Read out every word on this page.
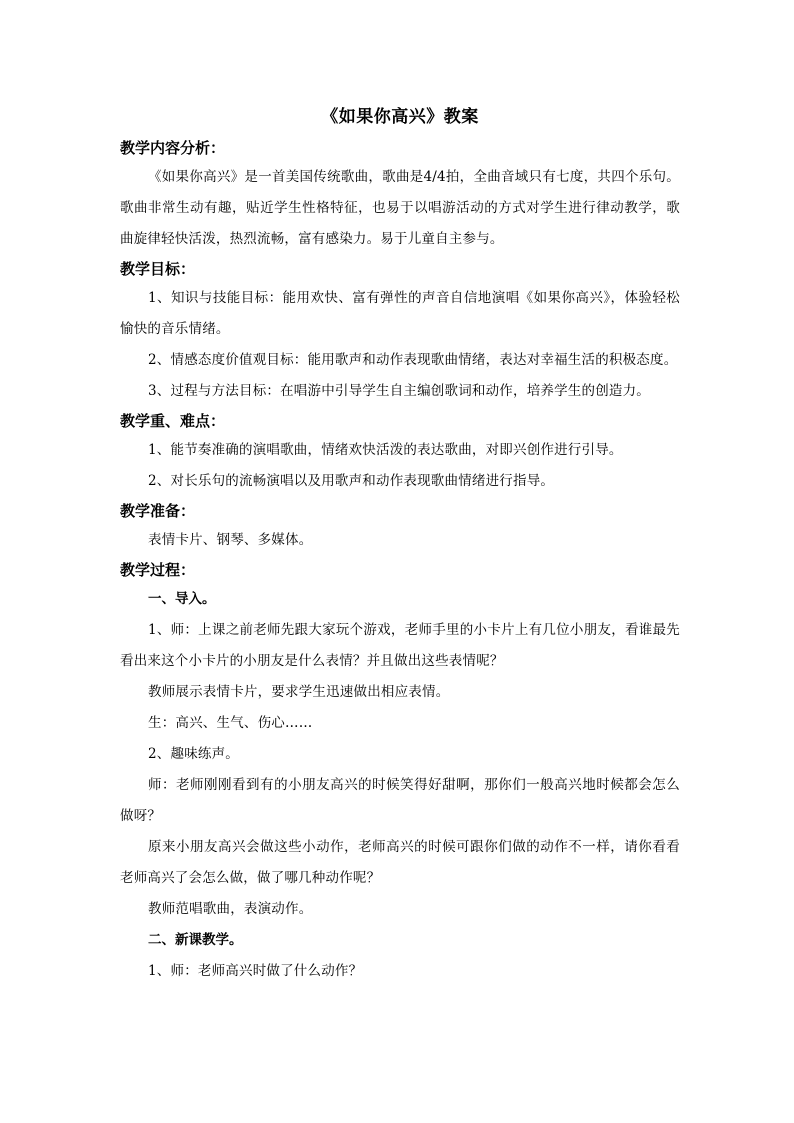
《如果你高兴》教案
教学内容分析：

《如果你高兴》是一首美国传统歌曲，歌曲是4/4拍，全曲音域只有七度，共四个乐句。歌曲非常生动有趣，贴近学生性格特征，也易于以唱游活动的方式对学生进行律动教学，歌曲旋律轻快活泼，热烈流畅，富有感染力。易于儿童自主参与。

教学目标：

1、知识与技能目标：能用欢快、富有弹性的声音自信地演唱《如果你高兴》，体验轻松愉快的音乐情绪。

2、情感态度价值观目标：能用歌声和动作表现歌曲情绪，表达对幸福生活的积极态度。

3、过程与方法目标：在唱游中引导学生自主编创歌词和动作，培养学生的创造力。

教学重、难点：

1、能节奏准确的演唱歌曲，情绪欢快活泼的表达歌曲，对即兴创作进行引导。

2、对长乐句的流畅演唱以及用歌声和动作表现歌曲情绪进行指导。

教学准备：

表情卡片、钢琴、多媒体。

教学过程：

一、导入。

1、师：上课之前老师先跟大家玩个游戏，老师手里的小卡片上有几位小朋友，看谁最先看出来这个小卡片的小朋友是什么表情？并且做出这些表情呢？

教师展示表情卡片，要求学生迅速做出相应表情。

生：高兴、生气、伤心……

2、趣味练声。

师：老师刚刚看到有的小朋友高兴的时候笑得好甜啊，那你们一般高兴地时候都会怎么做呀？

原来小朋友高兴会做这些小动作，老师高兴的时候可跟你们做的动作不一样，请你看看老师高兴了会怎么做，做了哪几种动作呢？

教师范唱歌曲，表演动作。

二、新课教学。

1、师：老师高兴时做了什么动作？
